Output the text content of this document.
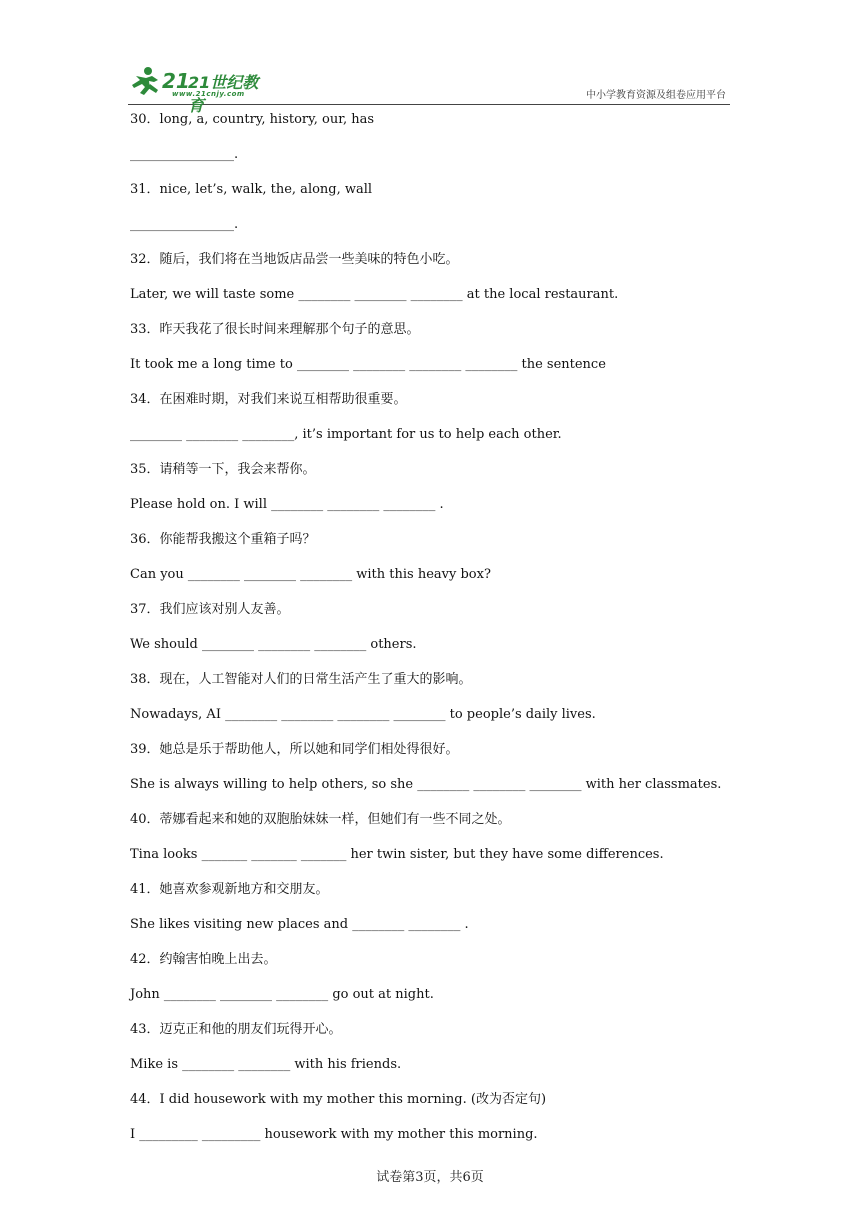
21
21世纪教育
www.21cnjy.com	中小学教育资源及组卷应用平台
30．long, a, country, history, our, has
________________.
31．nice, let’s, walk, the, along, wall
________________.
32．随后，我们将在当地饭店品尝一些美味的特色小吃。
Later, we will taste some ________ ________ ________ at the local restaurant.
33．昨天我花了很长时间来理解那个句子的意思。
It took me a long time to ________ ________ ________ ________ the sentence
34．在困难时期，对我们来说互相帮助很重要。
________ ________ ________, it’s important for us to help each other.
35．请稍等一下，我会来帮你。
Please hold on. I will ________ ________ ________ .
36．你能帮我搬这个重箱子吗？
Can you ________ ________ ________ with this heavy box?
37．我们应该对别人友善。
We should ________ ________ ________ others.
38．现在，人工智能对人们的日常生活产生了重大的影响。
Nowadays, AI ________ ________ ________ ________ to people’s daily lives.
39．她总是乐于帮助他人，所以她和同学们相处得很好。
She is always willing to help others, so she ________ ________ ________ with her classmates.
40．蒂娜看起来和她的双胞胎妹妹一样，但她们有一些不同之处。
Tina looks _______ _______ _______ her twin sister, but they have some differences.
41．她喜欢参观新地方和交朋友。
She likes visiting new places and ________ ________ .
42．约翰害怕晚上出去。
John ________ ________ ________ go out at night.
43．迈克正和他的朋友们玩得开心。
Mike is ________ ________ with his friends.
44．I did housework with my mother this morning. (改为否定句)
I _________ _________ housework with my mother this morning.
试卷第3页，共6页
